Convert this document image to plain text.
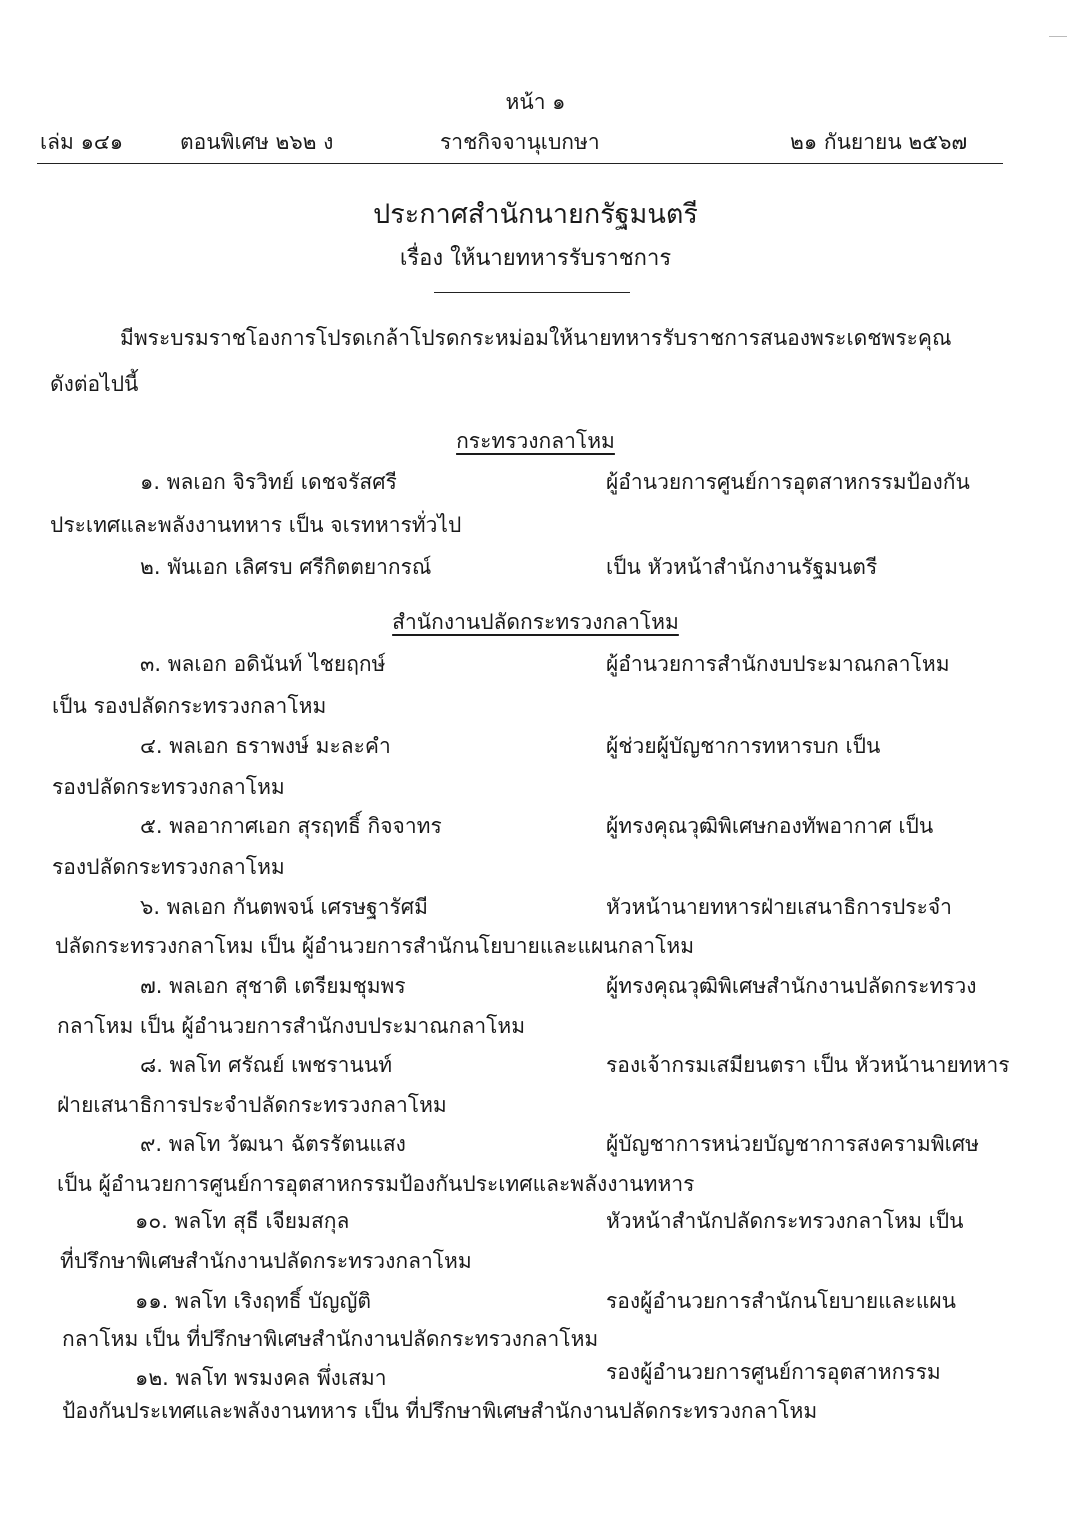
หน้า ๑
เล่ม ๑๔๑	ตอนพิเศษ ๒๖๒ ง	ราชกิจจานุเบกษา	๒๑ กันยายน ๒๕๖๗
ประกาศสำนักนายกรัฐมนตรี
เรื่อง ให้นายทหารรับราชการ
มีพระบรมราชโองการโปรดเกล้าโปรดกระหม่อมให้นายทหารรับราชการสนองพระเดชพระคุณ
ดังต่อไปนี้
กระทรวงกลาโหม
๑. พลเอก จิรวิทย์ เดชจรัสศรี	ผู้อำนวยการศูนย์การอุตสาหกรรมป้องกัน
ประเทศและพลังงานทหาร เป็น จเรทหารทั่วไป
๒. พันเอก เลิศรบ ศรีกิตตยากรณ์	เป็น หัวหน้าสำนักงานรัฐมนตรี
สำนักงานปลัดกระทรวงกลาโหม
๓. พลเอก อดินันท์ ไชยฤกษ์	ผู้อำนวยการสำนักงบประมาณกลาโหม
เป็น รองปลัดกระทรวงกลาโหม
๔. พลเอก ธราพงษ์ มะละคำ	ผู้ช่วยผู้บัญชาการทหารบก เป็น
รองปลัดกระทรวงกลาโหม
๕. พลอากาศเอก สุรฤทธิ์ กิจจาทร	ผู้ทรงคุณวุฒิพิเศษกองทัพอากาศ เป็น
รองปลัดกระทรวงกลาโหม
๖. พลเอก กันตพจน์ เศรษฐารัศมี	หัวหน้านายทหารฝ่ายเสนาธิการประจำ
ปลัดกระทรวงกลาโหม เป็น ผู้อำนวยการสำนักนโยบายและแผนกลาโหม
๗. พลเอก สุชาติ เตรียมชุมพร	ผู้ทรงคุณวุฒิพิเศษสำนักงานปลัดกระทรวง
กลาโหม เป็น ผู้อำนวยการสำนักงบประมาณกลาโหม
๘. พลโท ศรัณย์ เพชรานนท์	รองเจ้ากรมเสมียนตรา เป็น หัวหน้านายทหาร
ฝ่ายเสนาธิการประจำปลัดกระทรวงกลาโหม
๙. พลโท วัฒนา ฉัตรรัตนแสง	ผู้บัญชาการหน่วยบัญชาการสงครามพิเศษ
เป็น ผู้อำนวยการศูนย์การอุตสาหกรรมป้องกันประเทศและพลังงานทหาร
๑๐. พลโท สุธี เจียมสกุล	หัวหน้าสำนักปลัดกระทรวงกลาโหม เป็น
ที่ปรึกษาพิเศษสำนักงานปลัดกระทรวงกลาโหม
๑๑. พลโท เริงฤทธิ์ บัญญัติ	รองผู้อำนวยการสำนักนโยบายและแผน
กลาโหม เป็น ที่ปรึกษาพิเศษสำนักงานปลัดกระทรวงกลาโหม
๑๒. พลโท พรมงคล พึ่งเสมา	รองผู้อำนวยการศูนย์การอุตสาหกรรม
ป้องกันประเทศและพลังงานทหาร เป็น ที่ปรึกษาพิเศษสำนักงานปลัดกระทรวงกลาโหม
